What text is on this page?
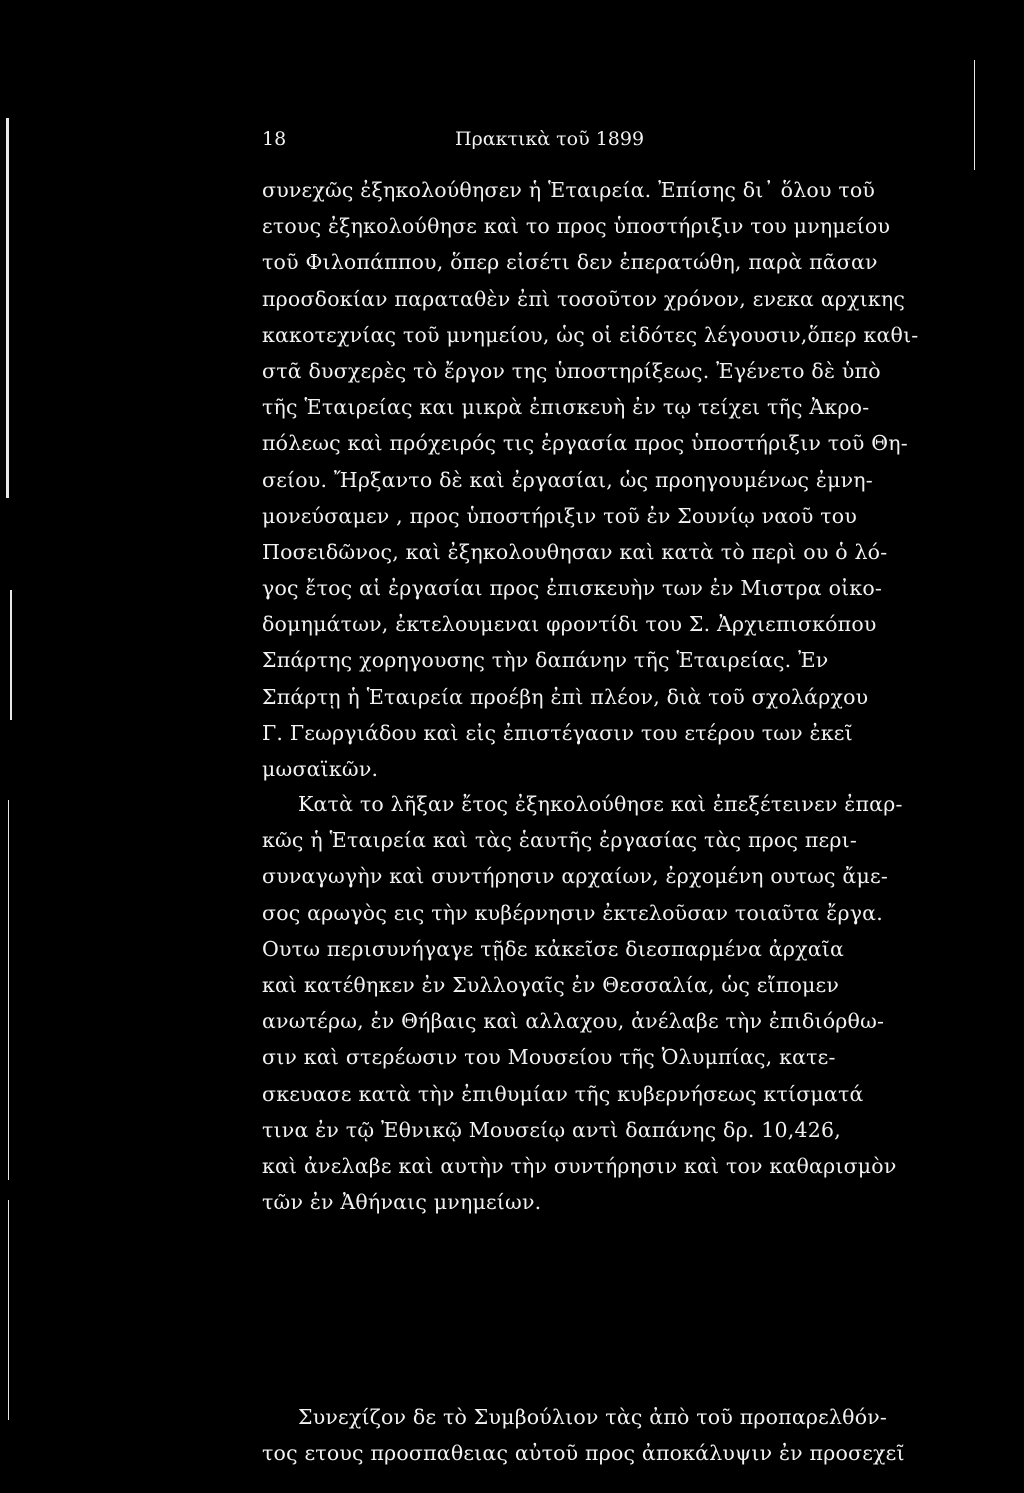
18	Πρακτικὰ τοῦ 1899
συνεχῶς ἐξηκολούθησεν ἡ Ἑταιρεία. Ἐπίσης δι᾽ ὅλου τοῦ
ετους ἐξηκολούθησε καὶ το προς ὑποστήριξιν του μνημείου
τοῦ Φιλοπάππου, ὅπερ εἰσέτι δεν ἐπερατώθη, παρὰ πᾶσαν
προσδοκίαν παραταθὲν ἐπὶ τοσοῦτον χρόνον, ενεκα αρχικης
κακοτεχνίας τοῦ μνημείου, ὡς οἱ εἰδότες λέγουσιν,ὅπερ καθι-
στᾶ δυσχερὲς τὸ ἔργον της ὑποστηρίξεως. Ἐγένετο δὲ ὑπὸ
τῆς Ἑταιρείας και μικρὰ ἐπισκευὴ ἐν τῳ τείχει τῆς Ἀκρο-
πόλεως καὶ πρόχειρός τις ἐργασία προς ὑποστήριξιν τοῦ Θη-
σείου. Ἤρξαντο δὲ καὶ ἐργασίαι, ὡς προηγουμένως ἐμνη-
μονεύσαμεν , προς ὑποστήριξιν τοῦ ἐν Σουνίῳ ναοῦ του
Ποσειδῶνος, καὶ ἐξηκολουθησαν καὶ κατὰ τὸ περὶ ου ὁ λό-
γος ἔτος αἱ ἐργασίαι προς ἐπισκευὴν των ἐν Μιστρα οἰκο-
δομημάτων, ἐκτελουμεναι φροντίδι του Σ. Ἀρχιεπισκόπου
Σπάρτης χορηγουσης τὴν δαπάνην τῆς Ἑταιρείας. Ἐν
Σπάρτῃ ἡ Ἑταιρεία προέβη ἐπὶ πλέον, διὰ τοῦ σχολάρχου
Γ. Γεωργιάδου καὶ εἰς ἐπιστέγασιν του ετέρου των ἐκεῖ
μωσαϊκῶν.
Κατὰ το λῆξαν ἔτος ἐξηκολούθησε καὶ ἐπεξέτεινεν ἐπαρ-
κῶς ἡ Ἑταιρεία καὶ τὰς ἑαυτῆς ἐργασίας τὰς προς περι-
συναγωγὴν καὶ συντήρησιν αρχαίων, ἐρχομένη ουτως ἄμε-
σος αρωγὸς εις τὴν κυβέρνησιν ἐκτελοῦσαν τοιαῦτα ἔργα.
Ουτω περισυνήγαγε τῇδε κἀκεῖσε διεσπαρμένα ἀρχαῖα
καὶ κατέθηκεν ἐν Συλλογαῖς ἐν Θεσσαλία, ὡς εἴπομεν
ανωτέρω, ἐν Θήβαις καὶ αλλαχου, ἀνέλαβε τὴν ἐπιδιόρθω-
σιν καὶ στερέωσιν του Μουσείου τῆς Ὀλυμπίας, κατε-
σκευασε κατὰ τὴν ἐπιθυμίαν τῆς κυβερνήσεως κτίσματά
τινα ἐν τῷ Ἐθνικῷ Μουσείῳ αντὶ δαπάνης δρ. 10,426,
καὶ ἀνελαβε καὶ αυτὴν τὴν συντήρησιν καὶ τον καθαρισμὸν
τῶν ἐν Ἀθήναις μνημείων.
Συνεχίζον δε τὸ Συμβούλιον τὰς ἀπὸ τοῦ προπαρελθόν-
τος ετους προσπαθειας αὐτοῦ προς ἀποκάλυψιν ἐν προσεχεῖ
